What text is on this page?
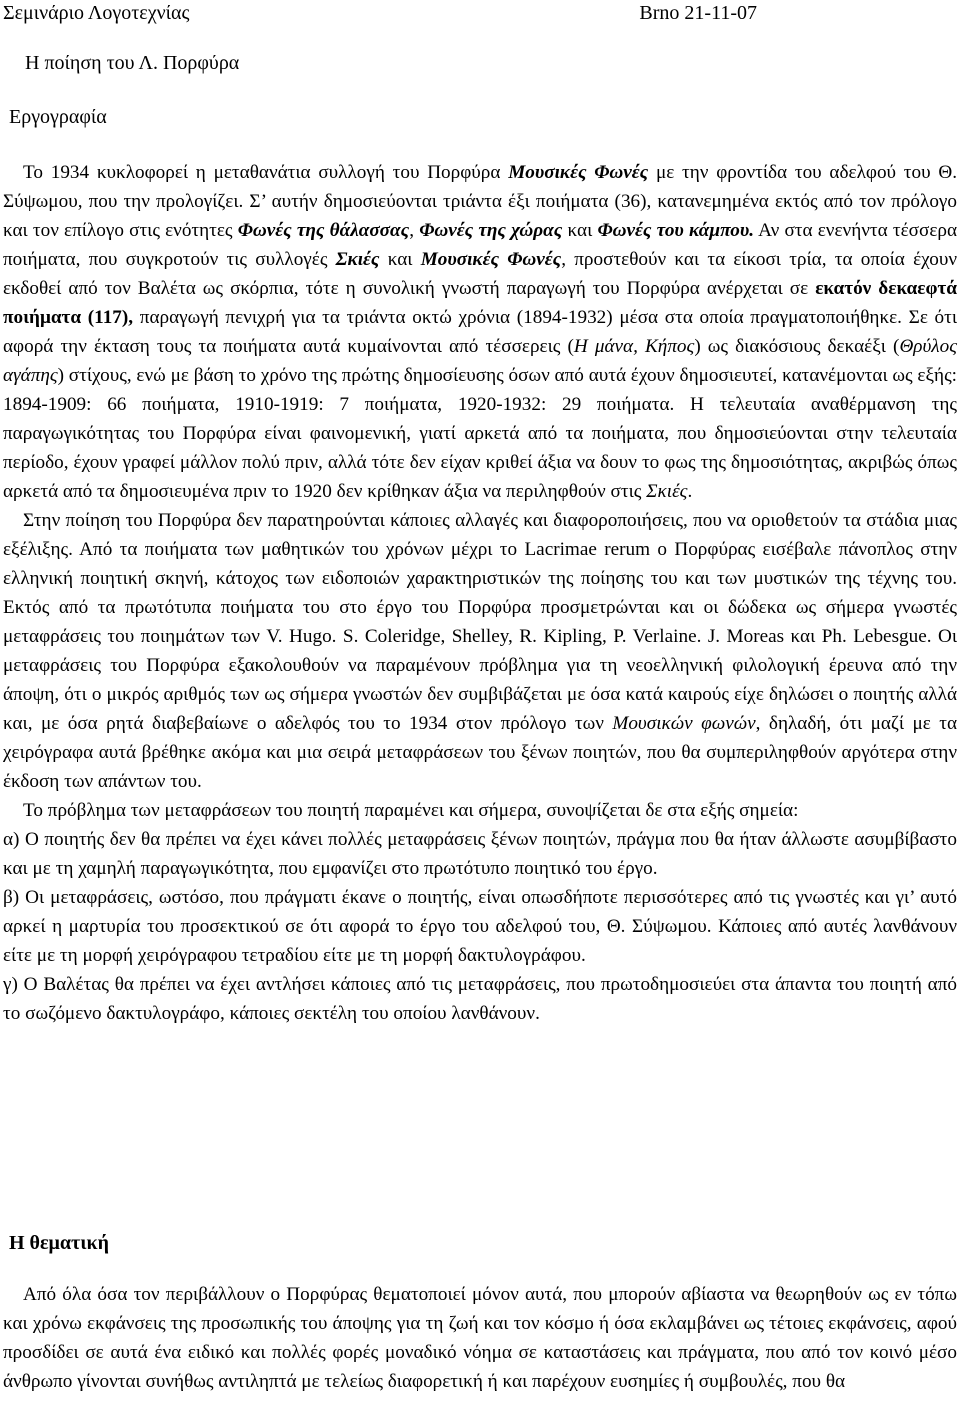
Σεμινάριο Λογοτεχνίας	Brno 21-11-07
Η ποίηση του Λ. Πορφύρα
Εργογραφία

Το 1934 κυκλοφορεί η μεταθανάτια συλλογή του Πορφύρα Μουσικές Φωνές με την φροντίδα του αδελφού του Θ. Σύψωμου, που την προλογίζει. Σ’ αυτήν δημοσιεύονται τριάντα έξι ποιήματα (36), κατανεμημένα εκτός από τον πρόλογο και τον επίλογο στις ενότητες Φωνές της θάλασσας, Φωνές της χώρας και Φωνές του κάμπου. Αν στα ενενήντα τέσσερα ποιήματα, που συγκροτούν τις συλλογές Σκιές και Μουσικές Φωνές, προστεθούν και τα είκοσι τρία, τα οποία έχουν εκδοθεί από τον Βαλέτα ως σκόρπια, τότε η συνολική γνωστή παραγωγή του Πορφύρα ανέρχεται σε εκατόν δεκαεφτά ποιήματα (117), παραγωγή πενιχρή για τα τριάντα οκτώ χρόνια (1894-1932) μέσα στα οποία πραγματοποιήθηκε. Σε ότι αφορά την έκταση τους τα ποιήματα αυτά κυμαίνονται από τέσσερεις (Η μάνα, Κήπος) ως διακόσιους δεκαέξι (Θρύλος αγάπης) στίχους, ενώ με βάση το χρόνο της πρώτης δημοσίευσης όσων από αυτά έχουν δημοσιευτεί, κατανέμονται ως εξής: 1894-1909: 66 ποιήματα, 1910-1919: 7 ποιήματα, 1920-1932: 29 ποιήματα. Η τελευταία αναθέρμανση της παραγωγικότητας του Πορφύρα είναι φαινομενική, γιατί αρκετά από τα ποιήματα, που δημοσιεύονται στην τελευταία περίοδο, έχουν γραφεί μάλλον πολύ πριν, αλλά τότε δεν είχαν κριθεί άξια να δουν το φως της δημοσιότητας, ακριβώς όπως αρκετά από τα δημοσιευμένα πριν το 1920 δεν κρίθηκαν άξια να περιληφθούν στις Σκιές.

Στην ποίηση του Πορφύρα δεν παρατηρούνται κάποιες αλλαγές και διαφοροποιήσεις, που να οριοθετούν τα στάδια μιας εξέλιξης. Από τα ποιήματα των μαθητικών του χρόνων μέχρι το Lacrimae rerum ο Πορφύρας εισέβαλε πάνοπλος στην ελληνική ποιητική σκηνή, κάτοχος των ειδοποιών χαρακτηριστικών της ποίησης του και των μυστικών της τέχνης του. Εκτός από τα πρωτότυπα ποιήματα του στο έργο του Πορφύρα προσμετρώνται και οι δώδεκα ως σήμερα γνωστές μεταφράσεις του ποιημάτων των V. Hugo. S. Coleridge, Shelley, R. Kipling, P. Verlaine. J. Moreas και Ph. Lebesgue. Οι μεταφράσεις του Πορφύρα εξακολουθούν να παραμένουν πρόβλημα για τη νεοελληνική φιλολογική έρευνα από την άποψη, ότι ο μικρός αριθμός των ως σήμερα γνωστών δεν συμβιβάζεται με όσα κατά καιρούς είχε δηλώσει ο ποιητής αλλά και, με όσα ρητά διαβεβαίωνε ο αδελφός του το 1934 στον πρόλογο των Μουσικών φωνών, δηλαδή, ότι μαζί με τα χειρόγραφα αυτά βρέθηκε ακόμα και μια σειρά μεταφράσεων του ξένων ποιητών, που θα συμπεριληφθούν αργότερα στην έκδοση των απάντων του.

Το πρόβλημα των μεταφράσεων του ποιητή παραμένει και σήμερα, συνοψίζεται δε στα εξής σημεία:

α) Ο ποιητής δεν θα πρέπει να έχει κάνει πολλές μεταφράσεις ξένων ποιητών, πράγμα που θα ήταν άλλωστε ασυμβίβαστο και με τη χαμηλή παραγωγικότητα, που εμφανίζει στο πρωτότυπο ποιητικό του έργο.

β) Οι μεταφράσεις, ωστόσο, που πράγματι έκανε ο ποιητής, είναι οπωσδήποτε περισσότερες από τις γνωστές και γι’ αυτό αρκεί η μαρτυρία του προσεκτικού σε ότι αφορά το έργο του αδελφού του, Θ. Σύψωμου. Κάποιες από αυτές λανθάνουν είτε με τη μορφή χειρόγραφου τετραδίου είτε με τη μορφή δακτυλογράφου.

γ) Ο Βαλέτας θα πρέπει να έχει αντλήσει κάποιες από τις μεταφράσεις, που πρωτοδημοσιεύει στα άπαντα του ποιητή από το σωζόμενο δακτυλογράφο, κάποιες σεκτέλη του οποίου λανθάνουν.

Η θεματική

Από όλα όσα τον περιβάλλουν ο Πορφύρας θεματοποιεί μόνον αυτά, που μπορούν αβίαστα να θεωρηθούν ως εν τόπω και χρόνω εκφάνσεις της προσωπικής του άποψης για τη ζωή και τον κόσμο ή όσα εκλαμβάνει ως τέτοιες εκφάνσεις, αφού προσδίδει σε αυτά ένα ειδικό και πολλές φορές μοναδικό νόημα σε καταστάσεις και πράγματα, που από τον κοινό μέσο άνθρωπο γίνονται συνήθως αντιληπτά με τελείως διαφορετική ή και παρέχουν ευσημίες ή συμβουλές, που θα
